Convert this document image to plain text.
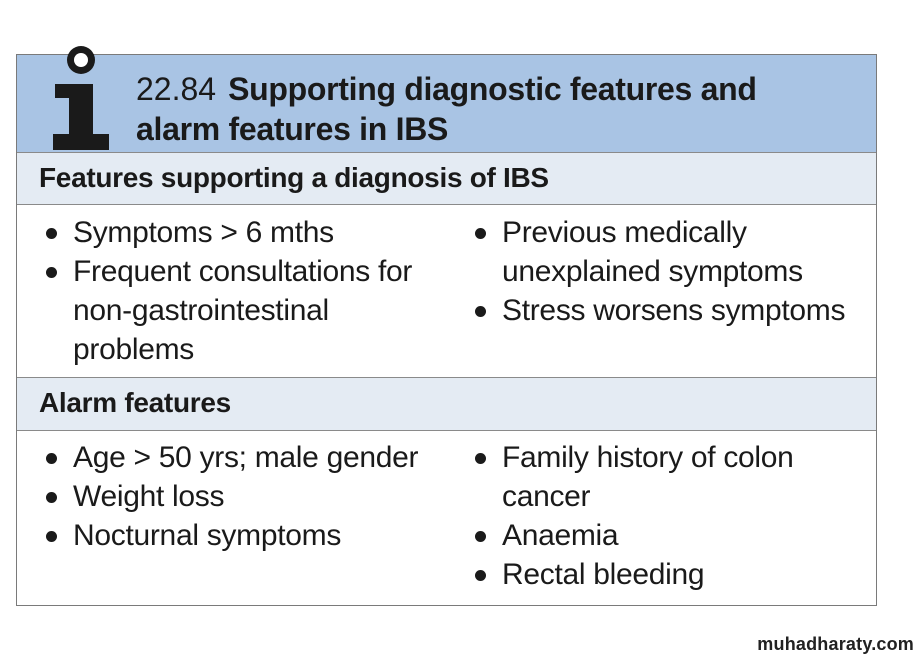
22.84 Supporting diagnostic features and
alarm features in IBS
Features supporting a diagnosis of IBS
Symptoms > 6 mths
Frequent consultations for non-gastrointestinal problems
Previous medically unexplained symptoms
Stress worsens symptoms
Alarm features
Age > 50 yrs; male gender
Weight loss
Nocturnal symptoms
Family history of colon cancer
Anaemia
Rectal bleeding
muhadharaty.com
